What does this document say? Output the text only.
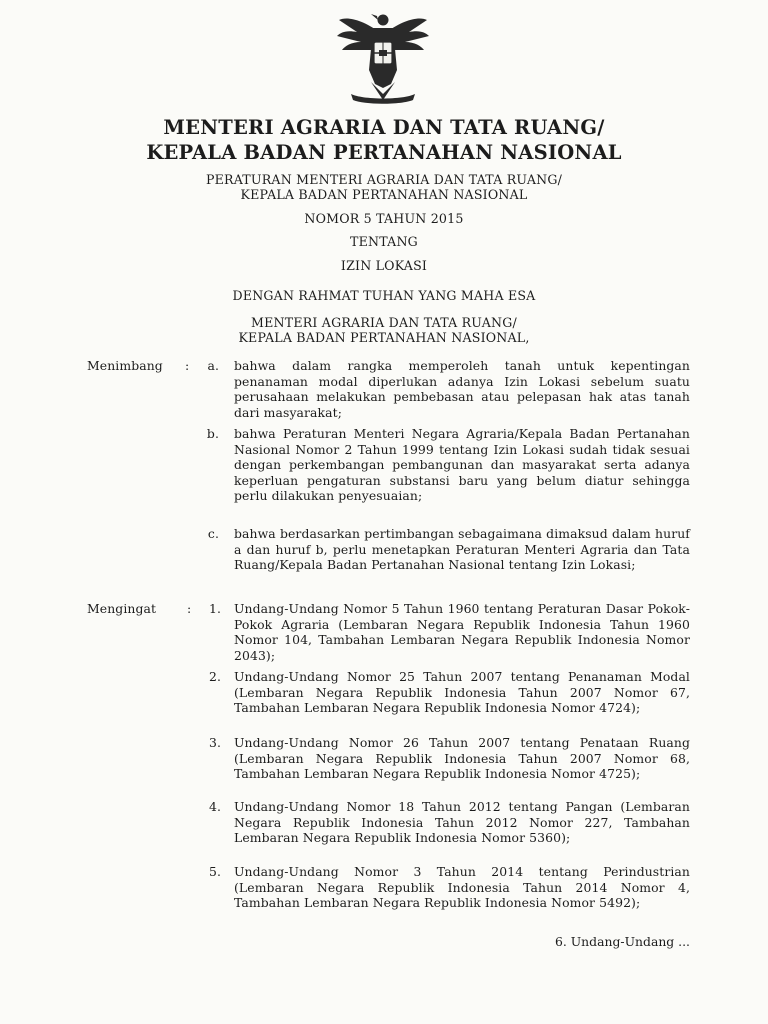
MENTERI AGRARIA DAN TATA RUANG/
KEPALA BADAN PERTANAHAN NASIONAL
PERATURAN MENTERI AGRARIA DAN TATA RUANG/
KEPALA BADAN PERTANAHAN NASIONAL
NOMOR 5 TAHUN 2015
TENTANG
IZIN LOKASI
DENGAN RAHMAT TUHAN YANG MAHA ESA
MENTERI AGRARIA DAN TATA RUANG/
KEPALA BADAN PERTANAHAN NASIONAL,
Menimbang :	a. bahwa dalam rangka memperoleh tanah untuk kepentingan penanaman modal diperlukan adanya Izin Lokasi sebelum suatu perusahaan melakukan pembebasan atau pelepasan hak atas tanah dari masyarakat;
b. bahwa Peraturan Menteri Negara Agraria/Kepala Badan Pertanahan Nasional Nomor 2 Tahun 1999 tentang Izin Lokasi sudah tidak sesuai dengan perkembangan pembangunan dan masyarakat serta adanya keperluan pengaturan substansi baru yang belum diatur sehingga perlu dilakukan penyesuaian;
c. bahwa berdasarkan pertimbangan sebagaimana dimaksud dalam huruf a dan huruf b, perlu menetapkan Peraturan Menteri Agraria dan Tata Ruang/Kepala Badan Pertanahan Nasional tentang Izin Lokasi;
Mengingat :	1. Undang-Undang Nomor 5 Tahun 1960 tentang Peraturan Dasar Pokok-Pokok Agraria (Lembaran Negara Republik Indonesia Tahun 1960 Nomor 104, Tambahan Lembaran Negara Republik Indonesia Nomor 2043);
2. Undang-Undang Nomor 25 Tahun 2007 tentang Penanaman Modal (Lembaran Negara Republik Indonesia Tahun 2007 Nomor 67, Tambahan Lembaran Negara Republik Indonesia Nomor 4724);
3. Undang-Undang Nomor 26 Tahun 2007 tentang Penataan Ruang (Lembaran Negara Republik Indonesia Tahun 2007 Nomor 68, Tambahan Lembaran Negara Republik Indonesia Nomor 4725);
4. Undang-Undang Nomor 18 Tahun 2012 tentang Pangan (Lembaran Negara Republik Indonesia Tahun 2012 Nomor 227, Tambahan Lembaran Negara Republik Indonesia Nomor 5360);
5. Undang-Undang Nomor 3 Tahun 2014 tentang Perindustrian (Lembaran Negara Republik Indonesia Tahun 2014 Nomor 4, Tambahan Lembaran Negara Republik Indonesia Nomor 5492);
6. Undang-Undang ...
